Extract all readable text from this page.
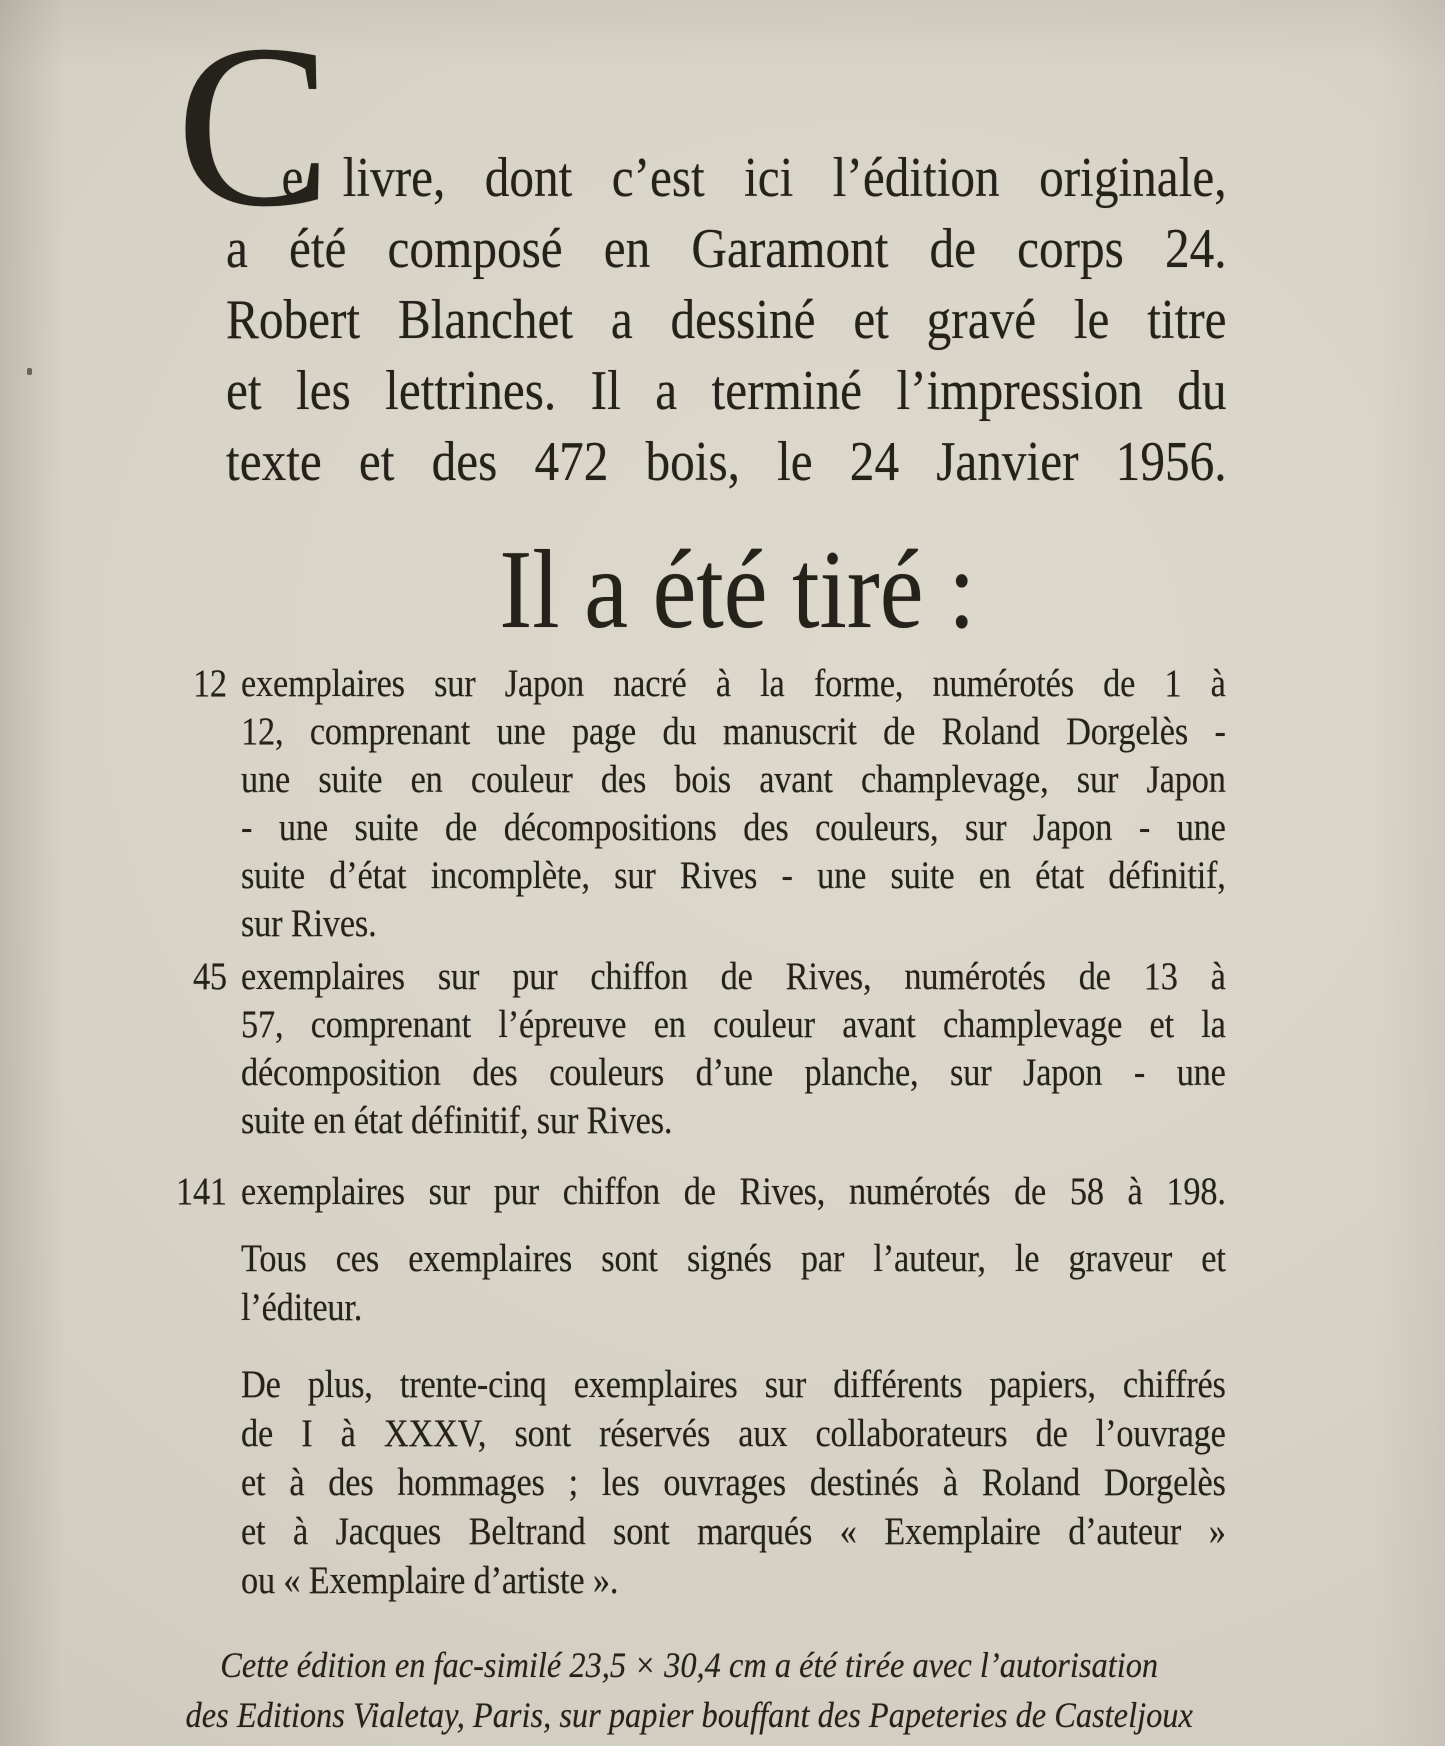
C
e livre, dont c’est ici l’édition originale,
a été composé en Garamont de corps 24.
Robert Blanchet a dessiné et gravé le titre
et les lettrines. Il a terminé l’impression du
texte et des 472 bois, le 24 Janvier 1956.
Il a été tiré :
12 exemplaires sur Japon nacré à la forme, numérotés de 1 à
12, comprenant une page du manuscrit de Roland Dorgelès -
une suite en couleur des bois avant champlevage, sur Japon
- une suite de décompositions des couleurs, sur Japon - une
suite d’état incomplète, sur Rives - une suite en état définitif,
sur Rives.
45 exemplaires sur pur chiffon de Rives, numérotés de 13 à
57, comprenant l’épreuve en couleur avant champlevage et la
décomposition des couleurs d’une planche, sur Japon - une
suite en état définitif, sur Rives.
141 exemplaires sur pur chiffon de Rives, numérotés de 58 à 198.
Tous ces exemplaires sont signés par l’auteur, le graveur et
l’éditeur.
De plus, trente-cinq exemplaires sur différents papiers, chiffrés
de I à XXXV, sont réservés aux collaborateurs de l’ouvrage
et à des hommages ; les ouvrages destinés à Roland Dorgelès
et à Jacques Beltrand sont marqués « Exemplaire d’auteur »
ou « Exemplaire d’artiste ».
Cette édition en fac-similé 23,5 × 30,4 cm a été tirée avec l’autorisation
des Editions Vialetay, Paris, sur papier bouffant des Papeteries de Casteljoux
